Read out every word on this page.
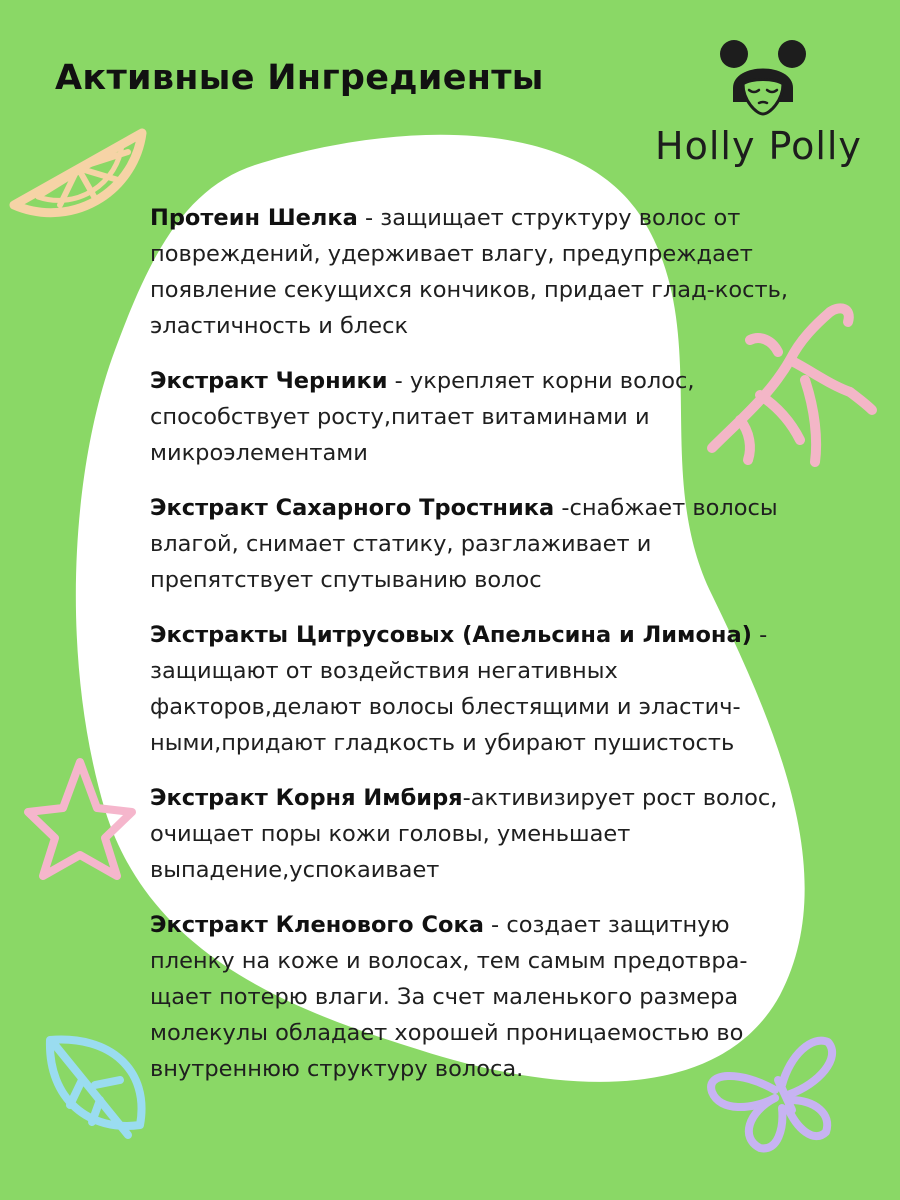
Активные Ингредиенты
Holly Polly

Протеин Шелка - защищает структуру волос от повреждений, удерживает влагу, предупреждает появление секущихся кончиков, придает глад-кость, эластичность и блеск

Экстракт Черники - укрепляет корни волос, способствует росту,питает витаминами и микроэлементами

Экстракт Сахарного Тростника -снабжает волосы влагой, снимает статику, разглаживает и препятствует спутыванию волос

Экстракты Цитрусовых (Апельсина и Лимона) - защищают от воздействия негативных факторов,делают волосы блестящими и эластич-ными,придают гладкость и убирают пушистость

Экстракт Корня Имбиря-активизирует рост волос, очищает поры кожи головы, уменьшает выпадение,успокаивает

Экстракт Кленового Сока - создает защитную пленку на коже и волосах, тем самым предотвра-щает потерю влаги. За счет маленького размера молекулы обладает хорошей проницаемостью во внутреннюю структуру волоса.
